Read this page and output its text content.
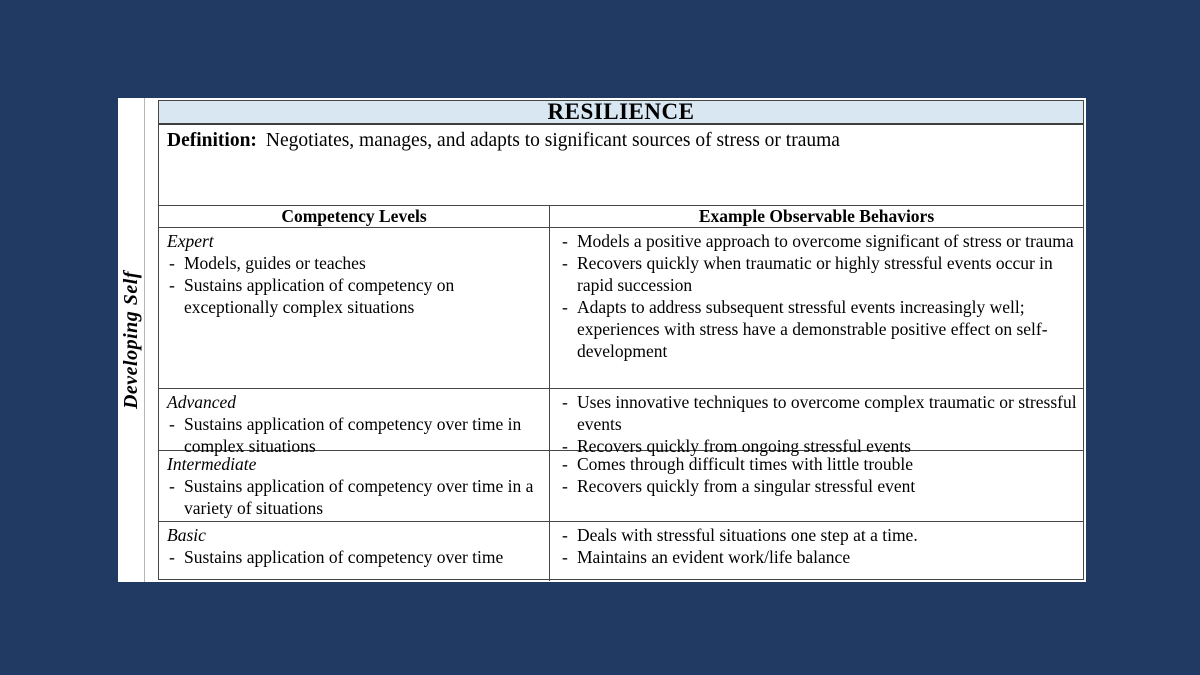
Developing Self
RESILIENCE
Definition: Negotiates, manages, and adapts to significant sources of stress or trauma
Competency Levels	Example Observable Behaviors
Expert
- Models, guides or teaches
- Sustains application of competency on exceptionally complex situations
- Models a positive approach to overcome significant of stress or trauma
- Recovers quickly when traumatic or highly stressful events occur in rapid succession
- Adapts to address subsequent stressful events increasingly well; experiences with stress have a demonstrable positive effect on self-development
Advanced
- Sustains application of competency over time in complex situations
- Uses innovative techniques to overcome complex traumatic or stressful events
- Recovers quickly from ongoing stressful events
Intermediate
- Sustains application of competency over time in a variety of situations
- Comes through difficult times with little trouble
- Recovers quickly from a singular stressful event
Basic
- Sustains application of competency over time
- Deals with stressful situations one step at a time.
- Maintains an evident work/life balance
